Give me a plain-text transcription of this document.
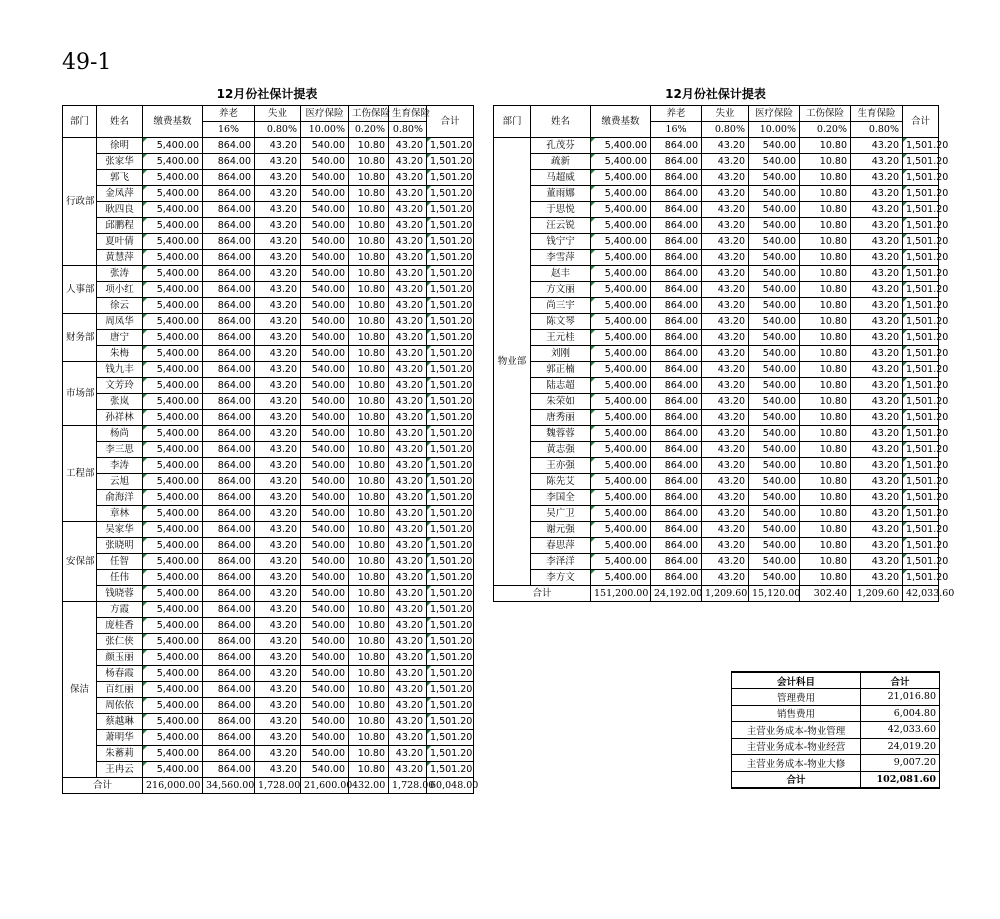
49-1
12月份社保计提表	12月份社保计提表
部门	姓名	缴费基数	养老	失业	医疗保险	工伤保险	生育保险	合计
			16%	0.80%	10.00%	0.20%	0.80%	
行政部	徐明	5,400.00	864.00	43.20	540.00	10.80	43.20	1,501.20
	张家华	5,400.00	864.00	43.20	540.00	10.80	43.20	1,501.20
	郭飞	5,400.00	864.00	43.20	540.00	10.80	43.20	1,501.20
	金凤萍	5,400.00	864.00	43.20	540.00	10.80	43.20	1,501.20
	耿四良	5,400.00	864.00	43.20	540.00	10.80	43.20	1,501.20
	邱鹏程	5,400.00	864.00	43.20	540.00	10.80	43.20	1,501.20
	夏叶倩	5,400.00	864.00	43.20	540.00	10.80	43.20	1,501.20
	黄慧萍	5,400.00	864.00	43.20	540.00	10.80	43.20	1,501.20
人事部	张涛	5,400.00	864.00	43.20	540.00	10.80	43.20	1,501.20
	项小红	5,400.00	864.00	43.20	540.00	10.80	43.20	1,501.20
	徐云	5,400.00	864.00	43.20	540.00	10.80	43.20	1,501.20
财务部	周凤华	5,400.00	864.00	43.20	540.00	10.80	43.20	1,501.20
	唐宁	5,400.00	864.00	43.20	540.00	10.80	43.20	1,501.20
	朱梅	5,400.00	864.00	43.20	540.00	10.80	43.20	1,501.20
市场部	钱九丰	5,400.00	864.00	43.20	540.00	10.80	43.20	1,501.20
	文芳玲	5,400.00	864.00	43.20	540.00	10.80	43.20	1,501.20
	张岚	5,400.00	864.00	43.20	540.00	10.80	43.20	1,501.20
	孙祥林	5,400.00	864.00	43.20	540.00	10.80	43.20	1,501.20
工程部	杨尚	5,400.00	864.00	43.20	540.00	10.80	43.20	1,501.20
	李三思	5,400.00	864.00	43.20	540.00	10.80	43.20	1,501.20
	李涛	5,400.00	864.00	43.20	540.00	10.80	43.20	1,501.20
	云旭	5,400.00	864.00	43.20	540.00	10.80	43.20	1,501.20
	俞海洋	5,400.00	864.00	43.20	540.00	10.80	43.20	1,501.20
	章林	5,400.00	864.00	43.20	540.00	10.80	43.20	1,501.20
安保部	吴家华	5,400.00	864.00	43.20	540.00	10.80	43.20	1,501.20
	张晓明	5,400.00	864.00	43.20	540.00	10.80	43.20	1,501.20
	任智	5,400.00	864.00	43.20	540.00	10.80	43.20	1,501.20
	任伟	5,400.00	864.00	43.20	540.00	10.80	43.20	1,501.20
	钱晓蓉	5,400.00	864.00	43.20	540.00	10.80	43.20	1,501.20
保洁	方霞	5,400.00	864.00	43.20	540.00	10.80	43.20	1,501.20
	庞桂香	5,400.00	864.00	43.20	540.00	10.80	43.20	1,501.20
	张仁侠	5,400.00	864.00	43.20	540.00	10.80	43.20	1,501.20
	颜玉丽	5,400.00	864.00	43.20	540.00	10.80	43.20	1,501.20
	杨春霞	5,400.00	864.00	43.20	540.00	10.80	43.20	1,501.20
	百红丽	5,400.00	864.00	43.20	540.00	10.80	43.20	1,501.20
	周依依	5,400.00	864.00	43.20	540.00	10.80	43.20	1,501.20
	蔡越琳	5,400.00	864.00	43.20	540.00	10.80	43.20	1,501.20
	萧明华	5,400.00	864.00	43.20	540.00	10.80	43.20	1,501.20
	朱蓄莉	5,400.00	864.00	43.20	540.00	10.80	43.20	1,501.20
	王冉云	5,400.00	864.00	43.20	540.00	10.80	43.20	1,501.20
合计		216,000.00	34,560.00	1,728.00	21,600.00	432.00	1,728.00	60,048.00
部门	姓名	缴费基数	养老	失业	医疗保险	工伤保险	生育保险	合计
			16%	0.80%	10.00%	0.20%	0.80%	
物业部	孔茂芬	5,400.00	864.00	43.20	540.00	10.80	43.20	1,501.20
	疏新	5,400.00	864.00	43.20	540.00	10.80	43.20	1,501.20
	马超威	5,400.00	864.00	43.20	540.00	10.80	43.20	1,501.20
	董雨娜	5,400.00	864.00	43.20	540.00	10.80	43.20	1,501.20
	于思悦	5,400.00	864.00	43.20	540.00	10.80	43.20	1,501.20
	汪云锐	5,400.00	864.00	43.20	540.00	10.80	43.20	1,501.20
	钱宁宁	5,400.00	864.00	43.20	540.00	10.80	43.20	1,501.20
	李雪萍	5,400.00	864.00	43.20	540.00	10.80	43.20	1,501.20
	赵丰	5,400.00	864.00	43.20	540.00	10.80	43.20	1,501.20
	方文丽	5,400.00	864.00	43.20	540.00	10.80	43.20	1,501.20
	尚三宇	5,400.00	864.00	43.20	540.00	10.80	43.20	1,501.20
	陈文琴	5,400.00	864.00	43.20	540.00	10.80	43.20	1,501.20
	王元桂	5,400.00	864.00	43.20	540.00	10.80	43.20	1,501.20
	刘刚	5,400.00	864.00	43.20	540.00	10.80	43.20	1,501.20
	郭正楠	5,400.00	864.00	43.20	540.00	10.80	43.20	1,501.20
	陆志超	5,400.00	864.00	43.20	540.00	10.80	43.20	1,501.20
	朱荣如	5,400.00	864.00	43.20	540.00	10.80	43.20	1,501.20
	唐秀丽	5,400.00	864.00	43.20	540.00	10.80	43.20	1,501.20
	魏蓉蓉	5,400.00	864.00	43.20	540.00	10.80	43.20	1,501.20
	黄志强	5,400.00	864.00	43.20	540.00	10.80	43.20	1,501.20
	王亦强	5,400.00	864.00	43.20	540.00	10.80	43.20	1,501.20
	陈先艾	5,400.00	864.00	43.20	540.00	10.80	43.20	1,501.20
	李国全	5,400.00	864.00	43.20	540.00	10.80	43.20	1,501.20
	吴广卫	5,400.00	864.00	43.20	540.00	10.80	43.20	1,501.20
	谢元强	5,400.00	864.00	43.20	540.00	10.80	43.20	1,501.20
	春思萍	5,400.00	864.00	43.20	540.00	10.80	43.20	1,501.20
	李泽洋	5,400.00	864.00	43.20	540.00	10.80	43.20	1,501.20
	李方文	5,400.00	864.00	43.20	540.00	10.80	43.20	1,501.20
合计		151,200.00	24,192.00	1,209.60	15,120.00	302.40	1,209.60	42,033.60
会计科目	合计
管理费用	21,016.80
销售费用	6,004.80
主营业务成本-物业管理	42,033.60
主营业务成本-物业经营	24,019.20
主营业务成本-物业大修	9,007.20
合计	102,081.60
